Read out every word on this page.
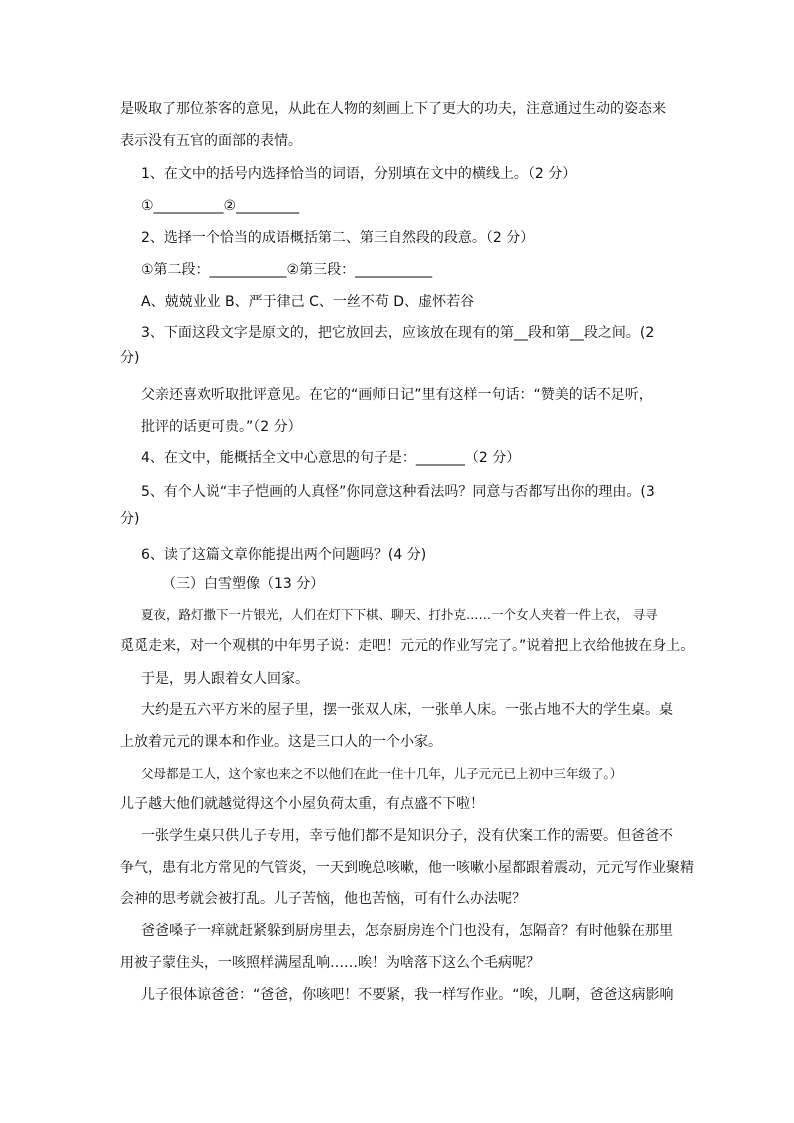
是吸取了那位茶客的意见，从此在人物的刻画上下了更大的功夫，注意通过生动的姿态来

表示没有五官的面部的表情。

1、在文中的括号内选择恰当的词语，分别填在文中的横线上。（2 分）

①__________②_________

2、选择一个恰当的成语概括第二、第三自然段的段意。（2 分）

①第二段：___________②第三段：___________

A、兢兢业业 B、严于律己 C、一丝不苟 D、虚怀若谷

3、下面这段文字是原文的，把它放回去，应该放在现有的第__段和第__段之间。(2

分)

父亲还喜欢听取批评意见。在它的“画师日记”里有这样一句话：“赞美的话不足听，

批评的话更可贵。”（2 分）

4、在文中，能概括全文中心意思的句子是：_______（2 分）

5、有个人说“丰子恺画的人真怪”你同意这种看法吗？同意与否都写出你的理由。(3

分)

6、读了这篇文章你能提出两个问题吗？(4 分)

（三）白雪塑像（13 分）

夏夜，路灯撒下一片银光，人们在灯下下棋、聊天、打扑克……一个女人夹着一件上衣， 寻寻

觅觅走来，对一个观棋的中年男子说：走吧！元元的作业写完了。”说着把上衣给他披在身上。

于是，男人跟着女人回家。

大约是五六平方米的屋子里，摆一张双人床，一张单人床。一张占地不大的学生桌。桌

上放着元元的课本和作业。这是三口人的一个小家。

父母都是工人，这个家也来之不以他们在此一住十几年，儿子元元已上初中三年级了。）

儿子越大他们就越觉得这个小屋负荷太重，有点盛不下啦！

一张学生桌只供儿子专用，幸亏他们都不是知识分子，没有伏案工作的需要。但爸爸不

争气，患有北方常见的气管炎，一天到晚总咳嗽，他一咳嗽小屋都跟着震动，元元写作业聚精

会神的思考就会被打乱。儿子苦恼，他也苦恼，可有什么办法呢？

爸爸嗓子一痒就赶紧躲到厨房里去，怎奈厨房连个门也没有，怎隔音？有时他躲在那里

用被子蒙住头，一咳照样满屋乱响……唉！为啥落下这么个毛病呢？

儿子很体谅爸爸：“爸爸，你咳吧！不要紧，我一样写作业。“唉，儿啊，爸爸这病影响
